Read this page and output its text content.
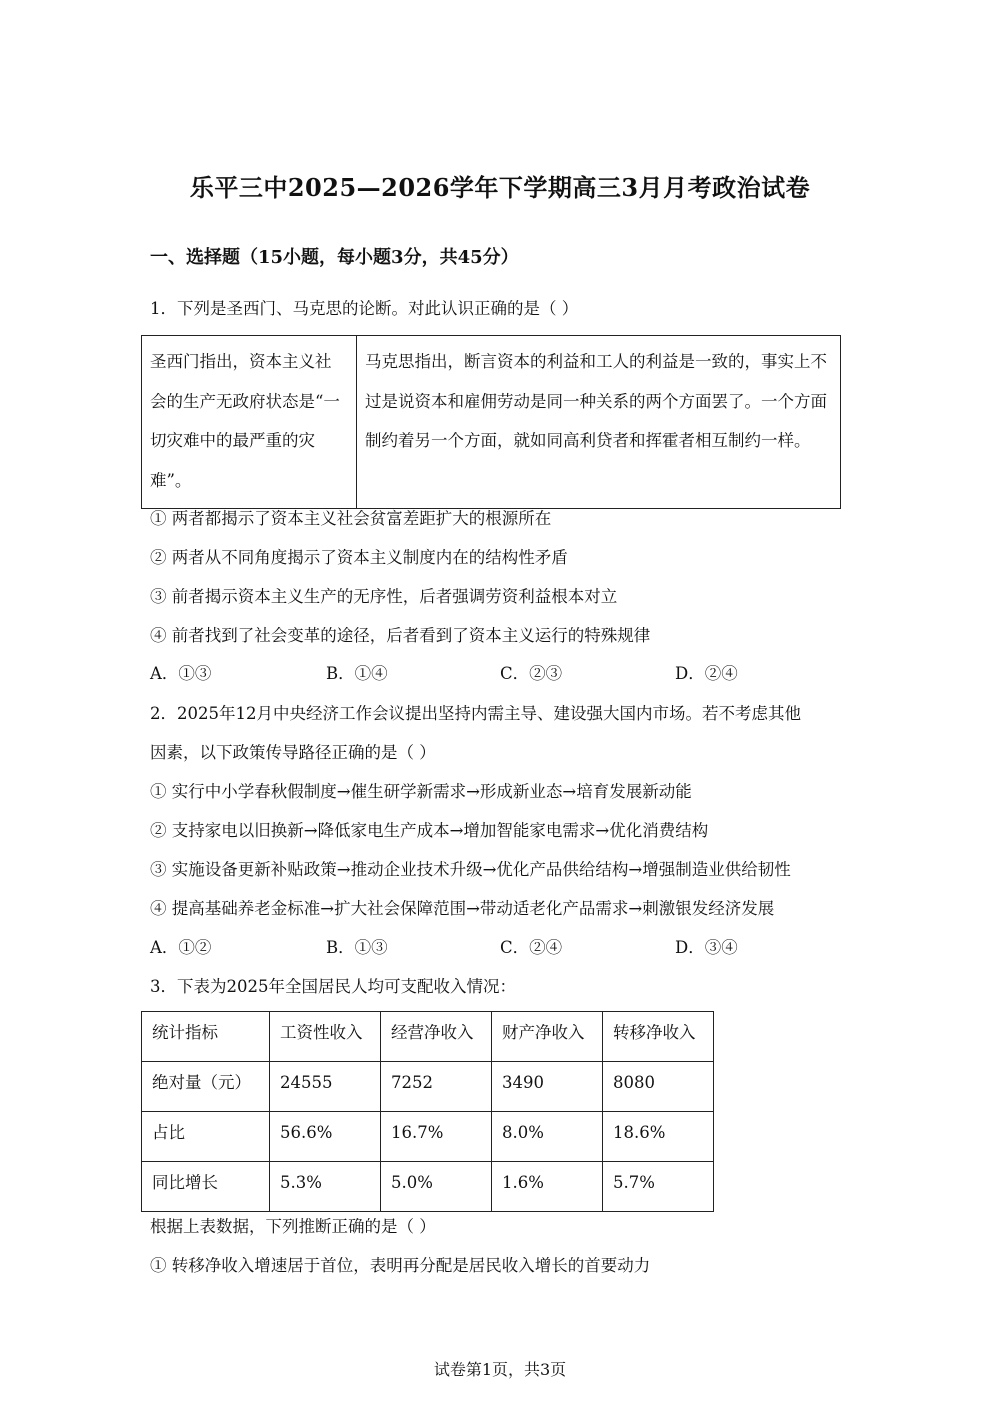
乐平三中2025—2026学年下学期高三3月月考政治试卷
一、选择题（15小题，每小题3分，共45分）
1．下列是圣西门、马克思的论断。对此认识正确的是（ ）
圣西门指出，资本主义社会的生产无政府状态是“一切灾难中的最严重的灾难”。	马克思指出，断言资本的利益和工人的利益是一致的，事实上不过是说资本和雇佣劳动是同一种关系的两个方面罢了。一个方面制约着另一个方面，就如同高利贷者和挥霍者相互制约一样。
① 两者都揭示了资本主义社会贫富差距扩大的根源所在
② 两者从不同角度揭示了资本主义制度内在的结构性矛盾
③ 前者揭示资本主义生产的无序性，后者强调劳资利益根本对立
④ 前者找到了社会变革的途径，后者看到了资本主义运行的特殊规律
A．①③	B．①④	C．②③	D．②④
2．2025年12月中央经济工作会议提出坚持内需主导、建设强大国内市场。若不考虑其他
因素，以下政策传导路径正确的是（ ）
① 实行中小学春秋假制度→催生研学新需求→形成新业态→培育发展新动能
② 支持家电以旧换新→降低家电生产成本→增加智能家电需求→优化消费结构
③ 实施设备更新补贴政策→推动企业技术升级→优化产品供给结构→增强制造业供给韧性
④ 提高基础养老金标准→扩大社会保障范围→带动适老化产品需求→刺激银发经济发展
A．①②	B．①③	C．②④	D．③④
3．下表为2025年全国居民人均可支配收入情况：
统计指标	工资性收入	经营净收入	财产净收入	转移净收入
绝对量（元）	24555	7252	3490	8080
占比	56.6%	16.7%	8.0%	18.6%
同比增长	5.3%	5.0%	1.6%	5.7%
根据上表数据，下列推断正确的是（ ）
① 转移净收入增速居于首位，表明再分配是居民收入增长的首要动力
试卷第1页，共3页
